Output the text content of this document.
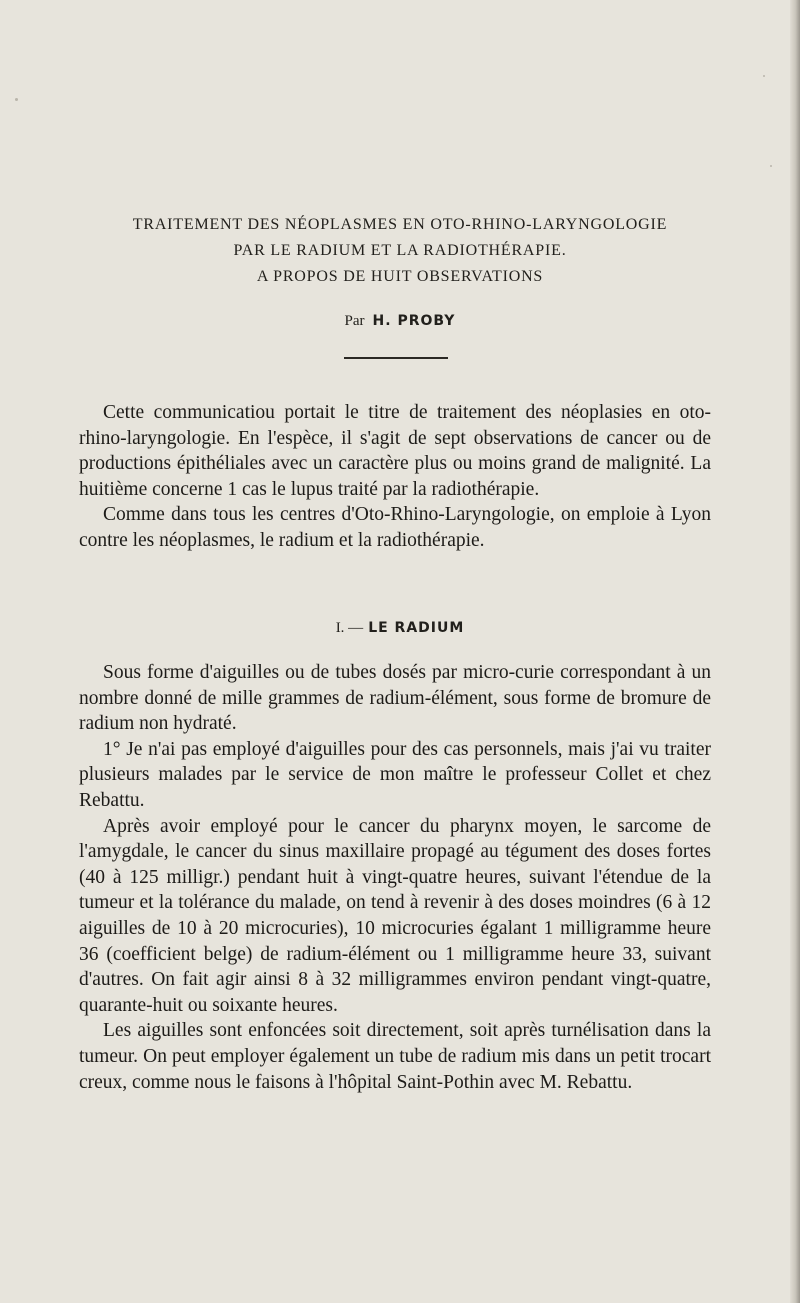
TRAITEMENT DES NÉOPLASMES EN OTO-RHINO-LARYNGOLOGIE
PAR LE RADIUM ET LA RADIOTHÉRAPIE.
A PROPOS DE HUIT OBSERVATIONS
Par H. PROBY

Cette communicatiou portait le titre de traitement des néoplasies en oto-rhino-laryngologie. En l'espèce, il s'agit de sept observations de cancer ou de productions épithéliales avec un caractère plus ou moins grand de malignité. La huitième concerne 1 cas le lupus traité par la radiothérapie.

Comme dans tous les centres d'Oto-Rhino-Laryngologie, on emploie à Lyon contre les néoplasmes, le radium et la radiothérapie.

I. — LE RADIUM

Sous forme d'aiguilles ou de tubes dosés par micro-curie correspondant à un nombre donné de mille grammes de radium-élément, sous forme de bromure de radium non hydraté.

1° Je n'ai pas employé d'aiguilles pour des cas personnels, mais j'ai vu traiter plusieurs malades par le service de mon maître le professeur Collet et chez Rebattu.

Après avoir employé pour le cancer du pharynx moyen, le sarcome de l'amygdale, le cancer du sinus maxillaire propagé au tégument des doses fortes (40 à 125 milligr.) pendant huit à vingt-quatre heures, suivant l'étendue de la tumeur et la tolérance du malade, on tend à revenir à des doses moindres (6 à 12 aiguilles de 10 à 20 microcuries), 10 microcuries égalant 1 milligramme heure 36 (coefficient belge) de radium-élément ou 1 milligramme heure 33, suivant d'autres. On fait agir ainsi 8 à 32 milligrammes environ pendant vingt-quatre, quarante-huit ou soixante heures.

Les aiguilles sont enfoncées soit directement, soit après turnélisation dans la tumeur. On peut employer également un tube de radium mis dans un petit trocart creux, comme nous le faisons à l'hôpital Saint-Pothin avec M. Rebattu.
